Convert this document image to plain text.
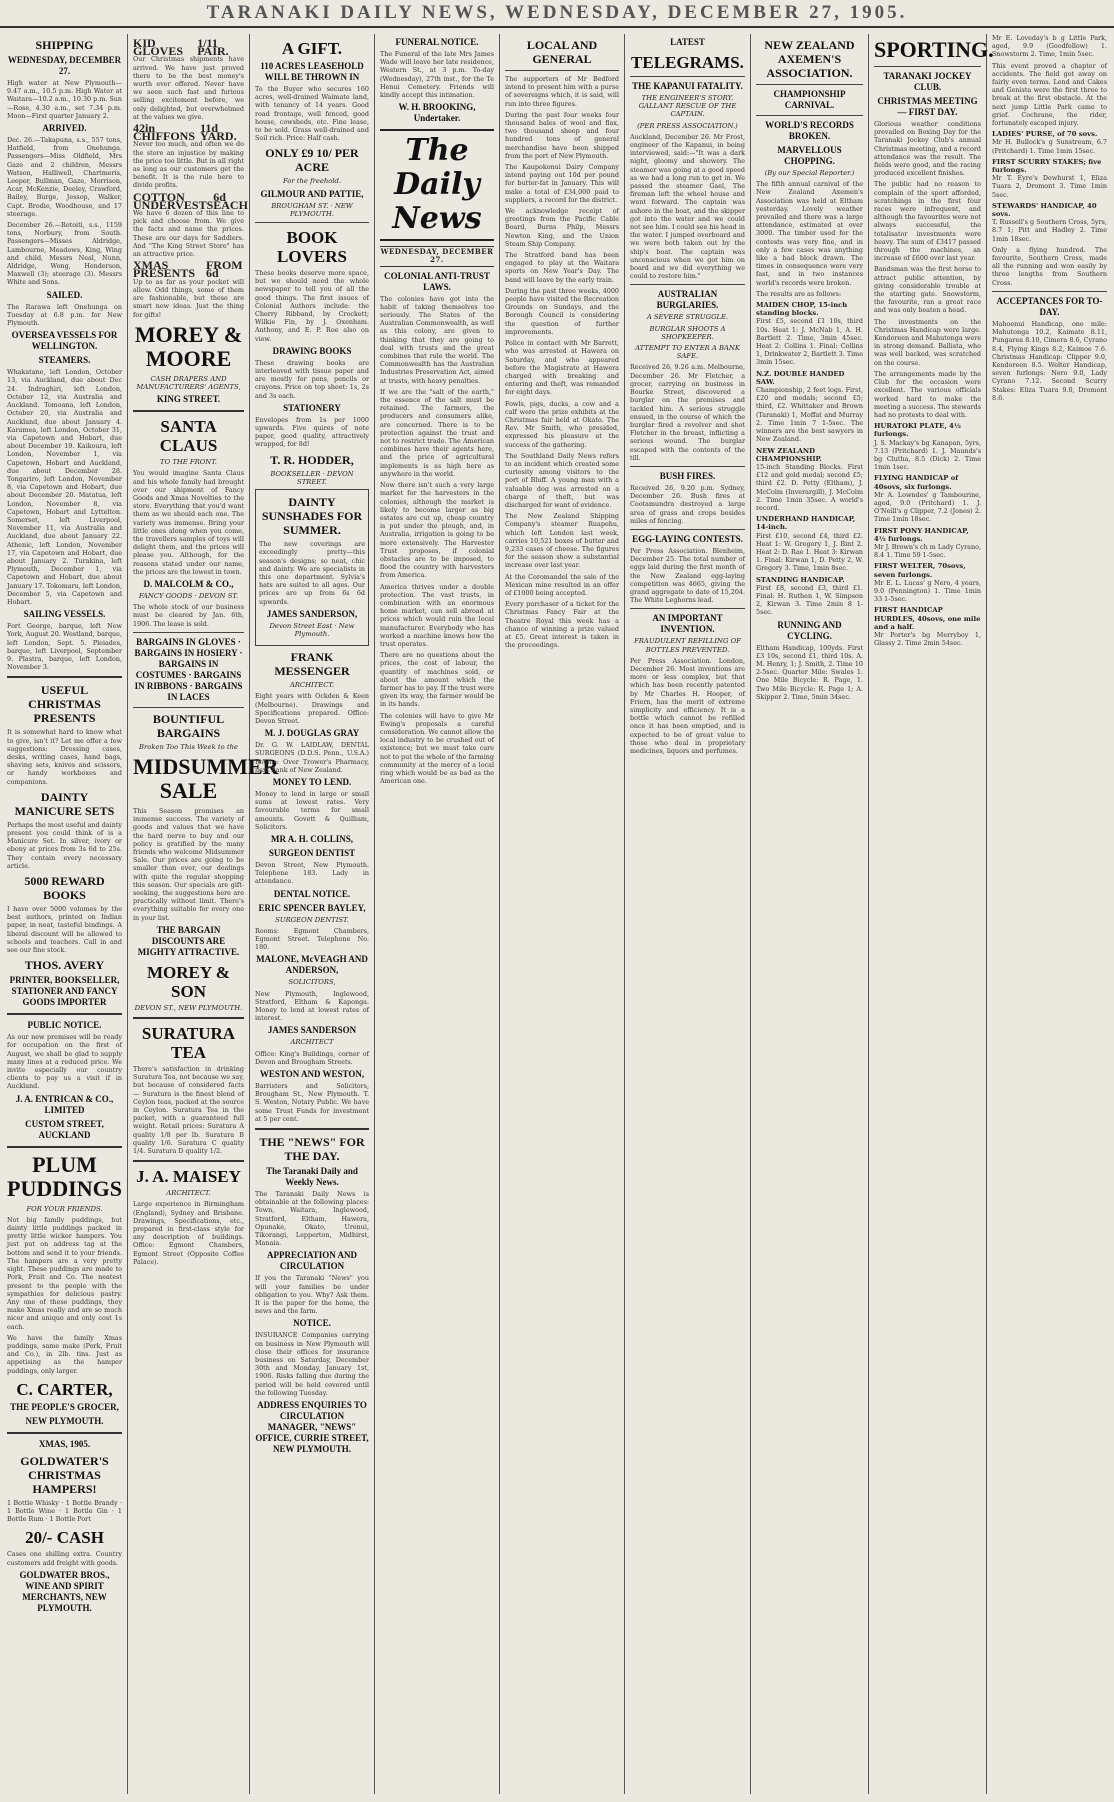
TARANAKI DAILY NEWS, WEDNESDAY, DECEMBER 27, 1905.
SHIPPING
WEDNESDAY, DECEMBER 27.
High water at New Plymouth—9.47 a.m., 10.5 p.m. High Water at Waitara—10.2 a.m., 10.30 p.m. Sun—Rose, 4.30 a.m., set 7.34 p.m. Moon—First quarter January 2.
ARRIVED.
Dec. 26.—Takapuna, s.s., 557 tons, Hatfield, from Onehunga. Passengers—Miss Oldfield, Mrs Gaze and 2 children, Messrs Watson, Halliwell, Chartmeris, Leeper, Bullman, Gaze, Morrison, Acar, McKenzie, Deeley, Crawford, Bailey, Burge, Jessop, Walker, Capt. Brodie, Woodhouse, and 17 steerage.
December 26.—Rotoiti, s.s., 1159 tons, Norbury, from South. Passengers—Misses Aldridge, Lambourne, Meadows, King, Wing and child, Messrs Neal, Nunn, Aldridge, Wong, Henderson, Maxwell (3); steerage (3). Messrs White and Sons.
SAILED.
The Rarawa left Onehunga on Tuesday at 6.8 p.m. for New Plymouth.
OVERSEA VESSELS FOR WELLINGTON.
STEAMERS.
Whakatane, left London, October 13, via Auckland, due about Dec 24. Indraghiri, left London, October 12, via Australia and Auckland. Tomoana, left London, October 20, via Australia and Auckland, due about January 4. Karamea, left London, October 31, via Capetown and Hobart, due about December 19. Kaikoura, left London, November 1, via Capetown, Hobart and Auckland, due about December 28. Tongariro, left London, November 8, via Capetown and Hobart, due about December 20. Matatua, left London, November 8, via Capetown, Hobart and Lyttelton. Somerset, left Liverpool, November 11, via Australia and Auckland, due about January 22. Athenic, left London, November 17, via Capetown and Hobart, due about January 2. Turakina, left Plymouth, December 1, via Capetown and Hobart, due about January 17. Tokomaru, left London, December 5, via Capetown and Hobart.
SAILING VESSELS.
Fort George, barque, left New York, August 20. Westland, barque, left London, Sept. 5. Pleiades, barque, left Liverpool, September 9. Plastra, barque, left London, November 3.
USEFUL CHRISTMAS PRESENTS
It is somewhat hard to know what to give, isn't it? Let me offer a few suggestions: Dressing cases, desks, writing cases, hand bags, shaving sets, knives and scissors, or handy workboxes and companions.
DAINTY MANICURE SETS
Perhaps the most useful and dainty present you could think of is a Manicure Set. In silver, ivory or ebony at prices from 3s 6d to 25s. They contain every necessary article.
5000 REWARD BOOKS
I have over 5000 volumes by the best authors, printed on Indian paper, in neat, tasteful bindings. A liberal discount will be allowed to schools and teachers. Call in and see our fine stock.
THOS. AVERY
PRINTER, BOOKSELLER, STATIONER AND FANCY GOODS IMPORTER
PUBLIC NOTICE.
As our new premises will be ready for occupation on the first of August, we shall be glad to supply many lines at a reduced price. We invite especially our country clients to pay us a visit if in Auckland.
J. A. ENTRICAN & CO., LIMITED
CUSTOM STREET, AUCKLAND
PLUM PUDDINGS
FOR YOUR FRIENDS.
Not big family puddings, but dainty little puddings packed in pretty little wicker hampers. You just put on address tag at the bottom and send it to your friends. The hampers are a very pretty sight. These puddings are made to Pork, Fruit and Co. The neatest present to the people with the sympathies for delicious pastry. Any one of these puddings, they make Xmas really and are so much nicer and unique and only cost 1s each.
We have the family Xmas puddings, same make (Pork, Fruit and Co.), in 2lb. tins. Just as appetising as the hamper puddings, only larger.
C. CARTER,
THE PEOPLE'S GROCER,
NEW PLYMOUTH.
XMAS, 1905.
GOLDWATER'S CHRISTMAS HAMPERS!
1 Bottle Whisky · 1 Bottle Brandy · 1 Bottle Wine · 1 Bottle Gin · 1 Bottle Rum · 1 Bottle Port
20/- CASH
Cases one shilling extra. Country customers add freight with goods.
GOLDWATER BROS., WINE AND SPIRIT MERCHANTS, NEW PLYMOUTH.
KID GLOVES
1/11 PAIR.
Our Christmas shipments have arrived. We have just proved there to be the best money's worth ever offered. Never have we seen such fast and furious selling excitement before, we only delighted, but overwhelmed at the values we give.
42in CHIFFONS
11d YARD.
Never too much, and often we do the store an injustice by making the price too little. But in all right as long as our customers get the benefit. It is the rule here to divide profits.
COTTON UNDERVESTS
6d EACH
We have 6 dozen of this line to pick and choose from. We give the facts and name the prices. These are our days for Saddlers. And "The King Street Store" has an attractive price.
XMAS PRESENTS
FROM 6d
Up to as far as your pocket will allow. Odd things, some of them are fashionable, but these are smart new ideas. Just the thing for gifts!
MOREY & MOORE
CASH DRAPERS AND MANUFACTURERS' AGENTS,
KING STREET.
SANTA CLAUS
TO THE FRONT.
You would imagine Santa Claus and his whole family had brought over our shipment of Fancy Goods and Xmas Novelties to the store. Everything that you'd want them as we should each one. The variety was immense. Bring your little ones along when you come, the travellers samples of toys will delight them, and the prices will please you. Although, for the reasons stated under our name, the prices are the lowest in town.
D. MALCOLM & CO.,
FANCY GOODS · DEVON ST.
The whole stock of our business must be cleared by Jan. 6th, 1906. The lease is sold.
BARGAINS IN GLOVES · BARGAINS IN HOSIERY · BARGAINS IN COSTUMES · BARGAINS IN RIBBONS · BARGAINS IN LACES
BOUNTIFUL BARGAINS
Broken Too This Week to the
MIDSUMMER SALE
This Season promises an immense success. The variety of goods and values that we have the hard nerve to buy and our policy is gratified by the many friends who welcome Midsummer Sale. Our prices are going to be smaller than ever, our dealings with quite the regular shopping this season. Our specials are gift-seeking, the suggestions here are practically without limit. There's everything suitable for every one in your list.
THE BARGAIN DISCOUNTS ARE MIGHTY ATTRACTIVE.
MOREY & SON
DEVON ST., NEW PLYMOUTH.
SURATURA TEA
There's satisfaction in drinking Suratura Tea, not because we say, but because of considered facts — Suratura is the finest blend of Ceylon teas, packed at the source in Ceylon. Suratura Tea in the packet, with a guaranteed full weight. Retail prices: Suratura A quality 1/8 per lb. Suratura B quality 1/6. Suratura C quality 1/4. Suratura D quality 1/2.
J. A. MAISEY
ARCHITECT.
Large experience in Birmingham (England), Sydney and Brisbane. Drawings, Specifications, etc., prepared in first-class style for any description of buildings. Office: Egmont Chambers, Egmont Street (Opposite Coffee Palace).
A GIFT.
110 ACRES LEASEHOLD WILL BE THROWN IN
To the Buyer who secures 160 acres, well-drained Waimate land, with tenancy of 14 years. Good road frontage, well fenced, good house, cowsheds, etc. Fine lease, to be sold. Grass well-drained and Soil rich. Price: Half cash.
ONLY £9 10/ PER ACRE
For the freehold.
GILMOUR AND PATTIE,
BROUGHAM ST. · NEW PLYMOUTH.
BOOK LOVERS
These books deserve more space, but we should need the whole newspaper to tell you of all the good things. The first issues of Colonial Authors include: the Cherry Ribband, by Crockett; Wilkie Fin, by J. Oxenham. Anthony, and E. P. Roe also on view.
DRAWING BOOKS
These drawing books are interleaved with tissue paper and are mostly for pens, pencils or crayons. Price on top sheet: 1s, 2s and 3s each.
STATIONERY
Envelopes from 1s per 1000 upwards. Five quires of note paper, good quality, attractively wrapped, for 8d!
T. R. HODDER,
BOOKSELLER · DEVON STREET.
DAINTY SUNSHADES FOR SUMMER.
The new coverings are exceedingly pretty—this season's designs; so neat, chic and dainty. We are specialists in this one department. Sylvia's hats are suited to all ages. Our prices are up from 6s 6d upwards.
JAMES SANDERSON,
Devon Street East · New Plymouth.
FRANK MESSENGER
ARCHITECT.
Eight years with Ockden & Keen (Melbourne). Drawings and Specifications prepared. Office: Devon Street.
M. J. DOUGLAS GRAY
Dr. G. W. LAIDLAW, DENTAL SURGEONS (D.D.S. Penn., U.S.A.) Rooms: Over Trower's Pharmacy, next Bank of New Zealand.
MONEY TO LEND.
Money to lend in large or small sums at lowest rates. Very favourable terms for small amounts. Govett & Quilliam, Solicitors.
MR A. H. COLLINS,
SURGEON DENTIST
Devon Street, New Plymouth. Telephone 183. Lady in attendance.
DENTAL NOTICE.
ERIC SPENCER BAYLEY,
SURGEON DENTIST.
Rooms: Egmont Chambers, Egmont Street. Telephone No. 180.
MALONE, McVEAGH AND ANDERSON,
SOLICITORS,
New Plymouth, Inglewood, Stratford, Eltham & Kaponga. Money to lend at lowest rates of interest.
JAMES SANDERSON
ARCHITECT
Office: King's Buildings, corner of Devon and Brougham Streets.
WESTON AND WESTON,
Barristers and Solicitors, Brougham St., New Plymouth. T. S. Weston, Notary Public. We have some Trust Funds for investment at 5 per cent.
THE "NEWS" FOR THE DAY.
The Taranaki Daily and Weekly News.
The Taranaki Daily News is obtainable at the following places: Town, Waitara, Inglewood, Stratford, Eltham, Hawera, Opunake, Okato, Urenui, Tikorangi, Lepperton, Midhirst, Manaia.
APPRECIATION AND CIRCULATION
If you the Taranaki "News" you will your families be under obligation to you. Why? Ask them. It is the paper for the home, the news and the farm.
NOTICE.
INSURANCE Companies carrying on business in New Plymouth will close their offices for insurance business on Saturday, December 30th and Monday, January 1st, 1906. Risks falling due during the period will be held covered until the following Tuesday.
ADDRESS ENQUIRIES TO CIRCULATION MANAGER, "NEWS" OFFICE, CURRIE STREET, NEW PLYMOUTH.
FUNERAL NOTICE.
The Funeral of the late Mrs James Wade will leave her late residence, Western St., at 3 p.m. To-day (Wednesday), 27th inst., for the Te Henui Cemetery. Friends will kindly accept this intimation.
W. H. BROOKING, Undertaker.
The Daily News
WEDNESDAY, DECEMBER 27.
COLONIAL ANTI-TRUST LAWS.
The colonies have got into the habit of taking themselves too seriously. The States of the Australian Commonwealth, as well as this colony, are given to thinking that they are going to deal with trusts and the great combines that rule the world. The Commonwealth has the Australian Industries Preservation Act, aimed at trusts, with heavy penalties.
If we are the "salt of the earth," the essence of the salt must be retained. The farmers, the producers and consumers alike, are concerned. There is to be protection against the trust and not to restrict trade. The American combines have their agents here, and the price of agricultural implements is as high here as anywhere in the world.
Now there isn't such a very large market for the harvesters in the colonies, although the market is likely to become larger as big estates are cut up, cheap country is put under the plough, and, in Australia, irrigation is going to be more extensively. The Harvester Trust proposes, if colonial obstacles are to be imposed, to flood the country with harvesters from America.
America thrives under a double protection. The vast trusts, in combination with an enormous home market, can sell abroad at prices which would ruin the local manufacturer. Everybody who has worked a machine knows how the trust operates.
There are no questions about the prices, the cost of labour, the quantity of machines sold, or about the amount which the farmer has to pay. If the trust were given its way, the farmer would be in its hands.
The colonies will have to give Mr Ewing's proposals a careful consideration. We cannot allow the local industry to be crushed out of existence; but we must take care not to put the whole of the farming community at the mercy of a local ring which would be as bad as the American one.
LOCAL AND GENERAL
The supporters of Mr Bedford intend to present him with a purse of sovereigns which, it is said, will run into three figures.
During the past four weeks four thousand bales of wool and flax, two thousand sheep and four hundred tons of general merchandise have been shipped from the port of New Plymouth.
The Kaupokonui Dairy Company intend paying out 10d per pound for butter-fat in January. This will make a total of £34,000 paid to suppliers, a record for the district.
We acknowledge receipt of greetings from the Pacific Cable Board, Burns Philp, Messrs Newton King, and the Union Steam Ship Company.
The Stratford band has been engaged to play at the Waitara sports on New Year's Day. The band will leave by the early train.
During the past three weeks, 4000 people have visited the Recreation Grounds on Sundays, and the Borough Council is considering the question of further improvements.
Police in contact with Mr Barrett, who was arrested at Hawera on Saturday, and who appeared before the Magistrate at Hawera charged with breaking and entering and theft, was remanded for eight days.
Fowls, pigs, ducks, a cow and a calf were the prize exhibits at the Christmas fair held at Okato. The Rev. Mr Smith, who presided, expressed his pleasure at the success of the gathering.
The Southland Daily News refers to an incident which created some curiosity among visitors to the port of Bluff. A young man with a valuable dog was arrested on a charge of theft, but was discharged for want of evidence.
The New Zealand Shipping Company's steamer Ruapehu, which left London last week, carries 10,521 boxes of butter and 9,233 cases of cheese. The figures for the season show a substantial increase over last year.
At the Coromandel the sale of the Mexican mine resulted in an offer of £1000 being accepted.
Every purchaser of a ticket for the Christmas Fancy Fair at the Theatre Royal this week has a chance of winning a prize valued at £5. Great interest is taken in the proceedings.
LATEST
TELEGRAMS.
THE KAPANUI FATALITY.
THE ENGINEER'S STORY. GALLANT RESCUE OF THE CAPTAIN.
(PER PRESS ASSOCIATION.)
Auckland, December 26. Mr Frost, engineer of the Kapanui, in being interviewed, said:—"It was a dark night, gloomy and showery. The steamer was going at a good speed as we had a long run to get in. We passed the steamer Gael, The fireman left the wheel house and went forward. The captain was ashore in the boat, and the skipper got into the water and we could not see him. I could see his head in the water. I jumped overboard and we were both taken out by the ship's boat. The captain was unconscious when we got him on board and we did everything we could to restore him."
AUSTRALIAN BURGLARIES.
A SEVERE STRUGGLE.
BURGLAR SHOOTS A SHOPKEEPER.
ATTEMPT TO ENTER A BANK SAFE.
Received 26, 9.26 a.m. Melbourne, December 26. Mr Fletcher, a grocer, carrying on business in Bourke Street, discovered a burglar on the premises and tackled him. A serious struggle ensued, in the course of which the burglar fired a revolver and shot Fletcher in the breast, inflicting a serious wound. The burglar escaped with the contents of the till.
BUSH FIRES.
Received 26, 9.20 p.m. Sydney, December 26. Bush fires at Cootamundra destroyed a large area of grass and crops besides miles of fencing.
EGG-LAYING CONTESTS.
Per Press Association. Blenheim, December 25. The total number of eggs laid during the first month of the New Zealand egg-laying competition was 4665, giving the grand aggregate to date of 15,204. The White Leghorns lead.
AN IMPORTANT INVENTION.
FRAUDULENT REFILLING OF BOTTLES PREVENTED.
Per Press Association. London, December 26. Most inventions are more or less complex, but that which has been recently patented by Mr Charles H. Hooper, of Friern, has the merit of extreme simplicity and efficiency. It is a bottle which cannot be refilled once it has been emptied, and is expected to be of great value to those who deal in proprietary medicines, liquors and perfumes.
NEW ZEALAND AXEMEN'S ASSOCIATION.
CHAMPIONSHIP CARNIVAL.
WORLD'S RECORDS BROKEN.
MARVELLOUS CHOPPING.
(By our Special Reporter.)
The fifth annual carnival of the New Zealand Axemen's Association was held at Eltham yesterday. Lovely weather prevailed and there was a large attendance, estimated at over 3000. The timber used for the contests was very fine, and in only a few cases was anything like a bad block drawn. The times in consequence were very fast, and in two instances world's records were broken.
The results are as follows:
MAIDEN CHOP, 15-inch standing blocks.
First £5, second £1 10s, third 10s. Heat 1: J. McNab 1, A. H. Bartlett 2. Time, 3min 45sec. Heat 2: Collins 1. Final: Collins 1, Drinkwater 2, Bartlett 3. Time 3min 15sec.
N.Z. DOUBLE HANDED SAW.
Championship, 2 feet logs. First, £20 and medals; second £5; third, £2. Whittaker and Brown (Taranaki) 1, Moffat and Murray 2. Time 1min 7 1-5sec. The winners are the best sawyers in New Zealand.
NEW ZEALAND CHAMPIONSHIP.
15-inch Standing Blocks. First £12 and gold medal; second £5; third £2. D. Petty (Eltham), J. McColm (Inverargill), J. McColm 2. Time 1min 35sec. A world's record.
UNDERHAND HANDICAP, 14-inch.
First £10, second £4, third £2. Heat 1: W. Gregory 1, J. Bint 2. Heat 2: D. Rae 1. Heat 3: Kirwan 1. Final: Kirwan 1, D. Petty 2, W. Gregory 3. Time, 1min 8sec.
STANDING HANDICAP.
First £8, second £3, third £1. Final: H. Ruthen 1, W. Simpson 2, Kirwan 3. Time 2min 8 1-5sec.
RUNNING AND CYCLING.
Eltham Handicap, 100yds. First £3 10s, second £1, third 10s. A. M. Henry, 1; J. Smith, 2. Time 10 2-5sec. Quarter Mile: Swales 1. One Mile Bicycle: R. Page, 1. Two Mile Bicycle: R. Page 1; A. Skipper 2. Time, 5min 34sec.
SPORTING.
TARANAKI JOCKEY CLUB.
CHRISTMAS MEETING — FIRST DAY.
Glorious weather conditions prevailed on Boxing Day for the Taranaki Jockey Club's annual Christmas meeting, and a record attendance was the result. The fields were good, and the racing produced excellent finishes.
The public had no reason to complain of the sport afforded, scratchings in the first four races were infrequent, and although the favourites were not always successful, the totalisator investments were heavy. The sum of £3417 passed through the machines, an increase of £600 over last year.
Bandsman was the first horse to attract public attention, by giving considerable trouble at the starting gate. Snowstorm, the favourite, ran a great race and was only beaten a head.
The investments on the Christmas Handicap were large. Kendoreen and Mahutonga were in strong demand. Ballista, who was well backed, was scratched on the course.
The arrangements made by the Club for the occasion were excellent. The various officials worked hard to make the meeting a success. The stewards had no protests to deal with.
HURATOKI PLATE, 4½ furlongs.
J. S. Mackay's bg Kanapan, 5yrs, 7.13 (Pritchard) 1. J. Maunds's bg Clutha, 8.5 (Dick) 2. Time 1min 1sec.
FLYING HANDICAP of 40sovs, six furlongs.
Mr A. Lowndes' g Tambourine, aged, 9.0 (Pritchard) 1. J. O'Neill's g Clipper, 7.2 (Jones) 2. Time 1min 18sec.
FIRST PONY HANDICAP, 4½ furlongs.
Mr J. Brown's ch m Lady Cyrano, 8.4 1. Time 59 1-5sec.
FIRST WELTER, 70sovs, seven furlongs.
Mr E. L. Lucas' g Nero, 4 years, 9.0 (Pennington) 1. Time 1min 33 1-5sec.
FIRST HANDICAP HURDLES, 40sovs, one mile and a half.
Mr Porter's bg Merryboy 1, Glassy 2. Time 2min 54sec.
Mr E. Loveday's b g Little Park, aged, 9.9 (Goodfellow) 1. Snowstorm 2. Time, 1min 5sec.
This event proved a chapter of accidents. The field got away on fairly even terms. Lend and Cakes and Genista were the first three to break at the first obstacle. At the next jump Little Park came to grief. Cochrane, the rider, fortunately escaped injury.
LADIES' PURSE, of 70 sovs.
Mr H. Bullock's g Sunstream, 6.7 (Pritchard) 1. Time 1min 15sec.
FIRST SCURRY STAKES; five furlongs.
Mr T. Eyre's Dewhurst 1, Eliza Tuara 2, Dromont 3. Time 1min 5sec.
STEWARDS' HANDICAP, 40 sovs.
T. Russell's g Southern Cross, 5yrs, 8.7 1; Pitt and Hadley 2. Time 1min 18sec.
Only a flying hundred. The favourite, Southern Cross, made all the running and won easily by three lengths from Southern Cross.
ACCEPTANCES FOR TO-DAY.
Mahoenui Handicap, one mile: Mahutonga 10.2, Kaimate 8.11, Pungarea 8.10, Cimera 8.6, Cyrano 8.4, Flying Kings 8.2, Kaimoe 7.6. Christmas Handicap: Clipper 9.0, Kendoreen 8.5. Welter Handicap, seven furlongs: Nero 9.0, Lady Cyrano 7.12. Second Scurry Stakes: Eliza Tuara 9.0, Dromont 8.6.
